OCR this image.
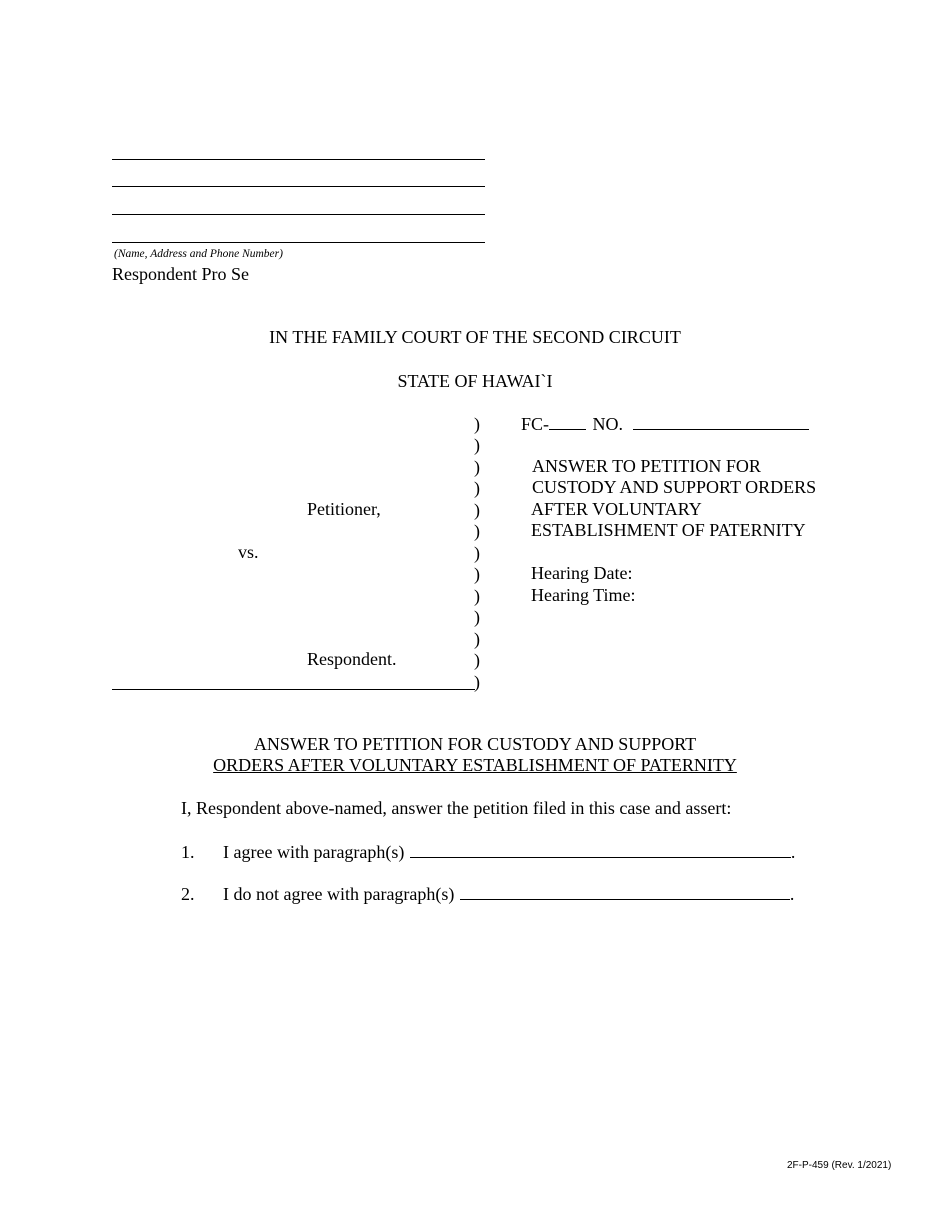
(Name, Address and Phone Number)
Respondent Pro Se
IN THE FAMILY COURT OF THE SECOND CIRCUIT
STATE OF HAWAI`I
Petitioner,
vs.
Respondent.
)
)
)
)
)
)
)
)
)
)
)
)
)
FC- NO.
ANSWER TO PETITION FOR
CUSTODY AND SUPPORT ORDERS
AFTER VOLUNTARY
ESTABLISHMENT OF PATERNITY
Hearing Date:
Hearing Time:
ANSWER TO PETITION FOR CUSTODY AND SUPPORT
ORDERS AFTER VOLUNTARY ESTABLISHMENT OF PATERNITY
I, Respondent above-named, answer the petition filed in this case and assert:
1. I agree with paragraph(s)	.
2. I do not agree with paragraph(s)	.
2F-P-459 (Rev. 1/2021)
